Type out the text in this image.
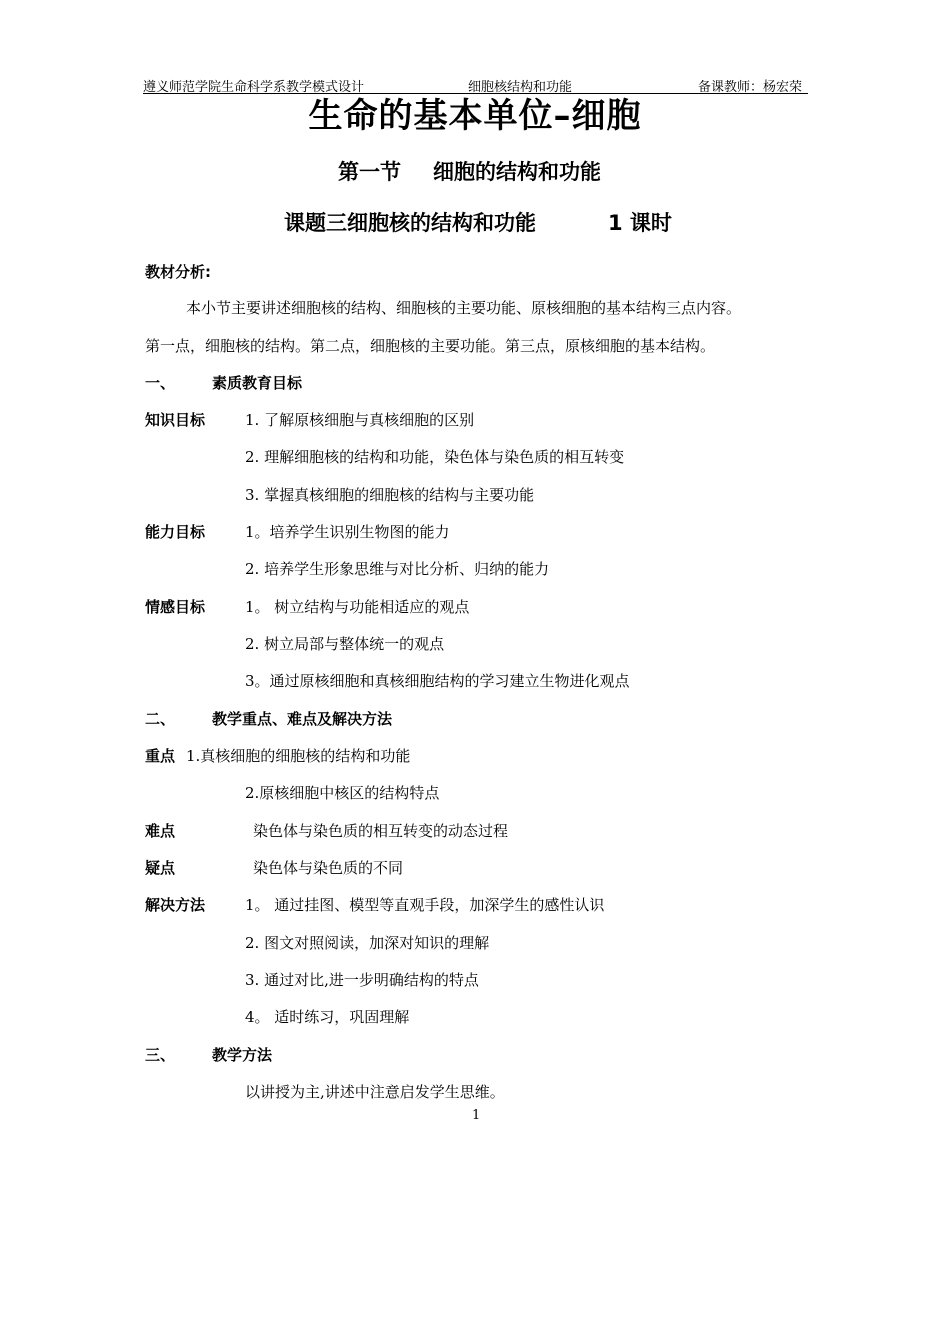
遵义师范学院生命科学系教学模式设计	细胞核结构和功能	备课教师：杨宏荣
生命的基本单位–细胞
第一节 细胞的结构和功能
课题三细胞核的结构和功能	1 课时
教材分析:
本小节主要讲述细胞核的结构、细胞核的主要功能、原核细胞的基本结构三点内容。
第一点，细胞核的结构。第二点，细胞核的主要功能。第三点，原核细胞的基本结构。
一、 素质教育目标
知识目标	1. 了解原核细胞与真核细胞的区别
2. 理解细胞核的结构和功能，染色体与染色质的相互转变
3. 掌握真核细胞的细胞核的结构与主要功能
能力目标	1。培养学生识别生物图的能力
2. 培养学生形象思维与对比分析、归纳的能力
情感目标	1。 树立结构与功能相适应的观点
2. 树立局部与整体统一的观点
3。通过原核细胞和真核细胞结构的学习建立生物进化观点
二、 教学重点、难点及解决方法
重点 1.真核细胞的细胞核的结构和功能
2.原核细胞中核区的结构特点
难点	染色体与染色质的相互转变的动态过程
疑点	染色体与染色质的不同
解决方法	1。 通过挂图、模型等直观手段，加深学生的感性认识
2. 图文对照阅读，加深对知识的理解
3. 通过对比,进一步明确结构的特点
4。 适时练习，巩固理解
三、 教学方法
以讲授为主,讲述中注意启发学生思维。
1
